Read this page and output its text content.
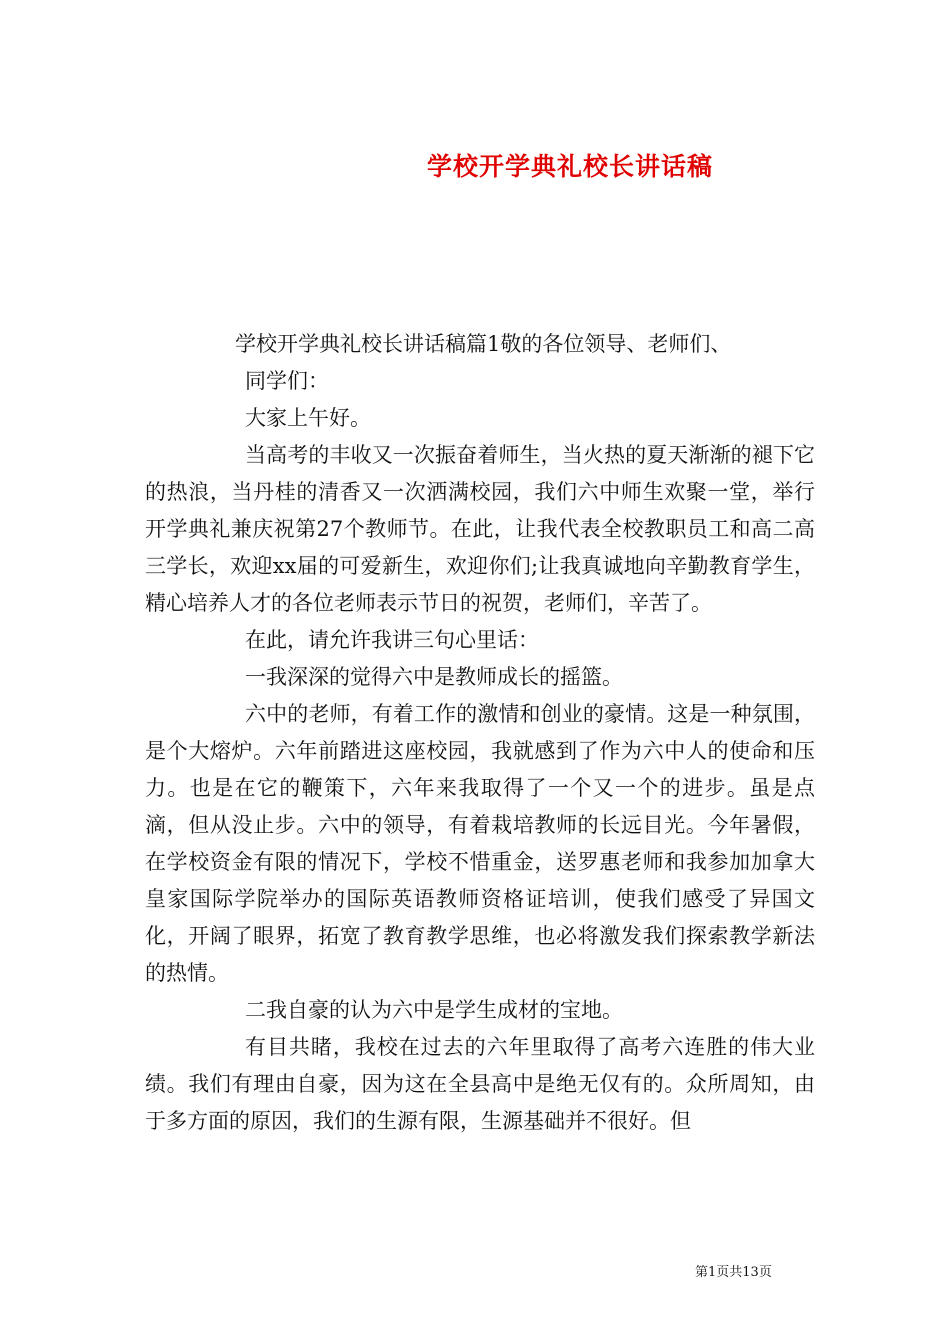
学校开学典礼校长讲话稿

学校开学典礼校长讲话稿篇1敬的各位领导、老师们、

同学们：

大家上午好。

当高考的丰收又一次振奋着师生，当火热的夏天渐渐的褪下它的热浪，当丹桂的清香又一次洒满校园，我们六中师生欢聚一堂，举行开学典礼兼庆祝第27个教师节。在此，让我代表全校教职员工和高二高三学长，欢迎xx届的可爱新生，欢迎你们;让我真诚地向辛勤教育学生，精心培养人才的各位老师表示节日的祝贺，老师们，辛苦了。

在此，请允许我讲三句心里话：

一我深深的觉得六中是教师成长的摇篮。

六中的老师，有着工作的激情和创业的豪情。这是一种氛围，是个大熔炉。六年前踏进这座校园，我就感到了作为六中人的使命和压力。也是在它的鞭策下，六年来我取得了一个又一个的进步。虽是点滴，但从没止步。六中的领导，有着栽培教师的长远目光。今年暑假，在学校资金有限的情况下，学校不惜重金，送罗惠老师和我参加加拿大皇家国际学院举办的国际英语教师资格证培训，使我们感受了异国文化，开阔了眼界，拓宽了教育教学思维，也必将激发我们探索教学新法的热情。

二我自豪的认为六中是学生成材的宝地。

有目共睹，我校在过去的六年里取得了高考六连胜的伟大业绩。我们有理由自豪，因为这在全县高中是绝无仅有的。众所周知，由于多方面的原因，我们的生源有限，生源基础并不很好。但

第1页共13页
